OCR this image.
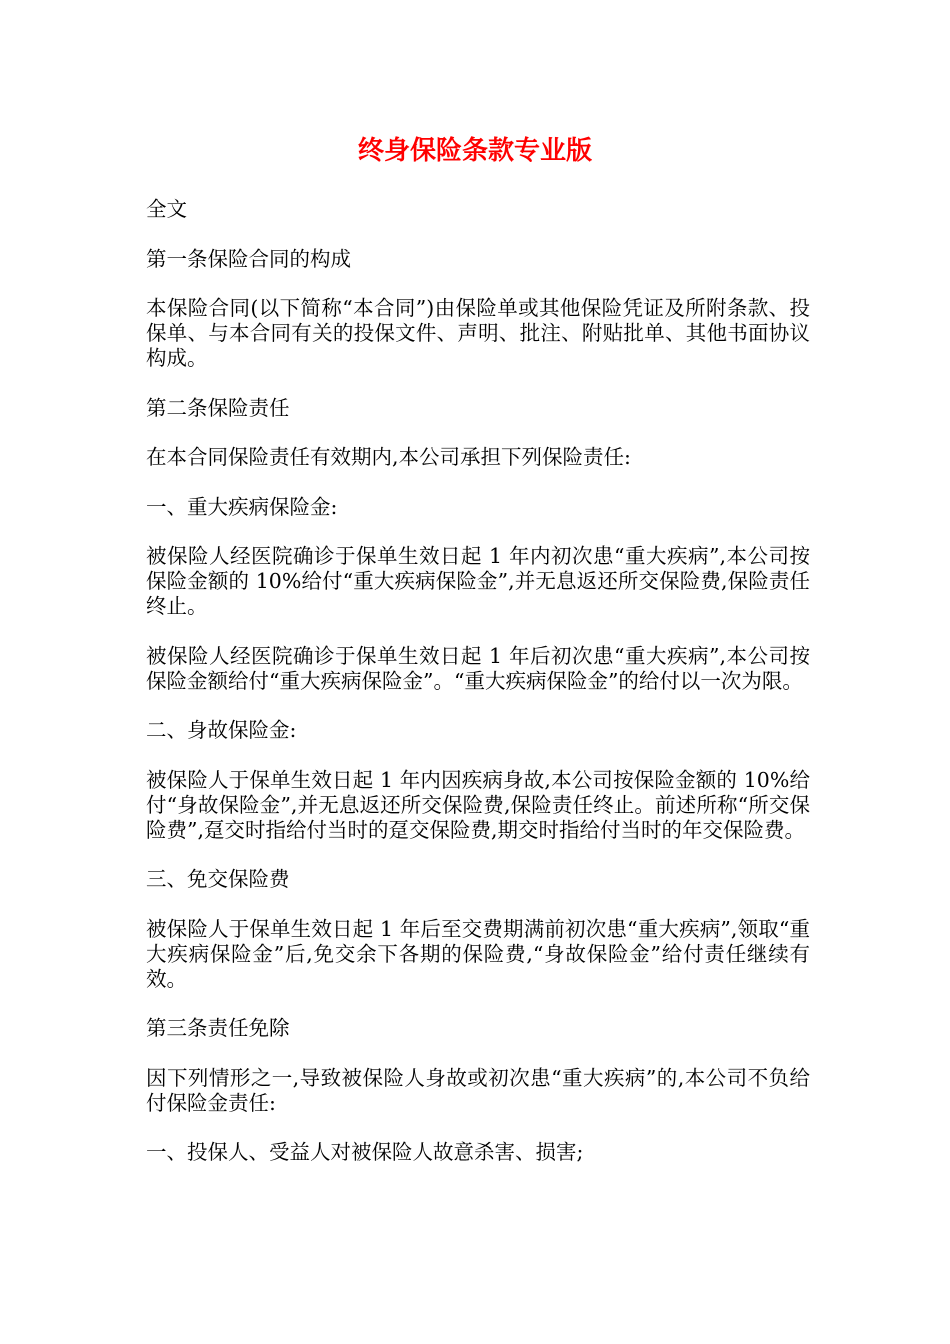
终身保险条款专业版

全文

第一条保险合同的构成

本保险合同(以下简称“本合同”)由保险单或其他保险凭证及所附条款、投保单、与本合同有关的投保文件、声明、批注、附贴批单、其他书面协议构成。

第二条保险责任

在本合同保险责任有效期内,本公司承担下列保险责任:

一、重大疾病保险金:

被保险人经医院确诊于保单生效日起 1 年内初次患“重大疾病”,本公司按保险金额的 10%给付“重大疾病保险金”,并无息返还所交保险费,保险责任终止。

被保险人经医院确诊于保单生效日起 1 年后初次患“重大疾病”,本公司按保险金额给付“重大疾病保险金”。“重大疾病保险金”的给付以一次为限。

二、身故保险金:

被保险人于保单生效日起 1 年内因疾病身故,本公司按保险金额的 10%给付“身故保险金”,并无息返还所交保险费,保险责任终止。前述所称“所交保险费”,趸交时指给付当时的趸交保险费,期交时指给付当时的年交保险费。

三、免交保险费

被保险人于保单生效日起 1 年后至交费期满前初次患“重大疾病”,领取“重大疾病保险金”后,免交余下各期的保险费,“身故保险金”给付责任继续有效。

第三条责任免除

因下列情形之一,导致被保险人身故或初次患“重大疾病”的,本公司不负给付保险金责任:

一、投保人、受益人对被保险人故意杀害、损害;
